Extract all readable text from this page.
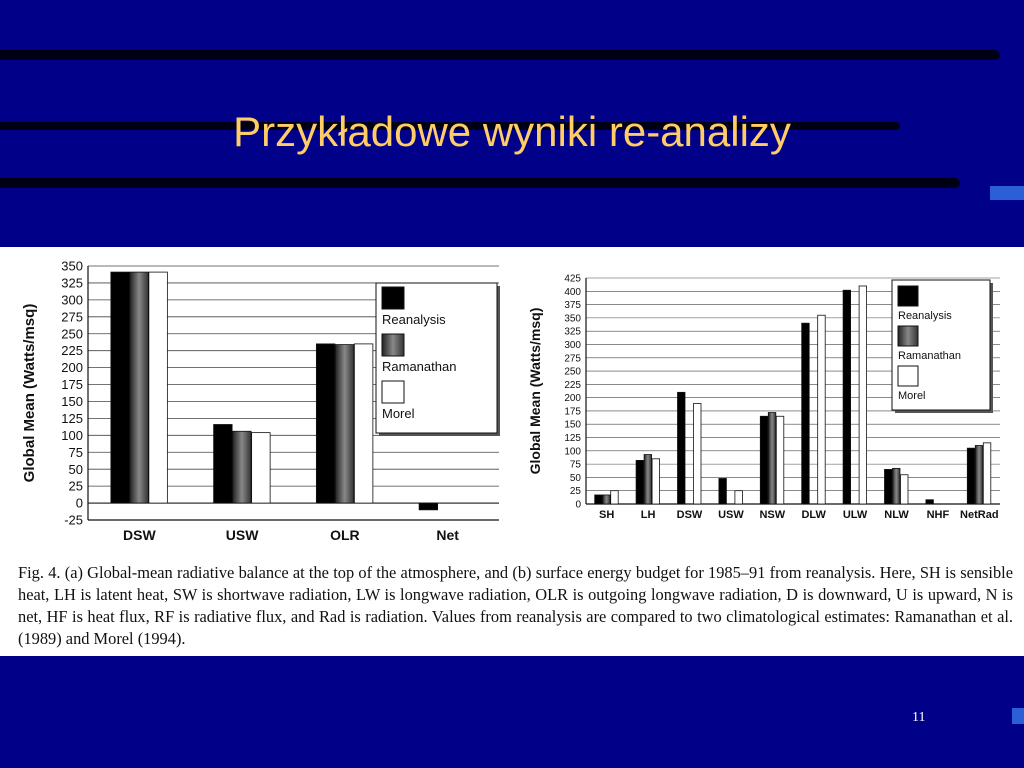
Przykładowe wyniki re-analizy
-25
0
25
50
75
100
125
150
175
200
225
250
275
300
325
350
Global Mean (Watts/msq)
DSW	USW	OLR	Net
Reanalysis
Ramanathan
Morel
0
25
50
75
100
125
150
175
200
225
250
275
300
325
350
375
400
425
Global Mean (Watts/msq)
SH LH DSW USW NSW DLW ULW NLW NHF NetRad
Reanalysis
Ramanathan
Morel

Fig. 4. (a) Global-mean radiative balance at the top of the atmosphere, and (b) surface energy budget for 1985–91 from reanalysis. Here, SH is sensible heat, LH is latent heat, SW is shortwave radiation, LW is longwave radiation, OLR is outgoing longwave radiation, D is downward, U is upward, N is net, HF is heat flux, RF is radiative flux, and Rad is radiation. Values from reanalysis are compared to two climatological estimates: Ramanathan et al. (1989) and Morel (1994).

11
